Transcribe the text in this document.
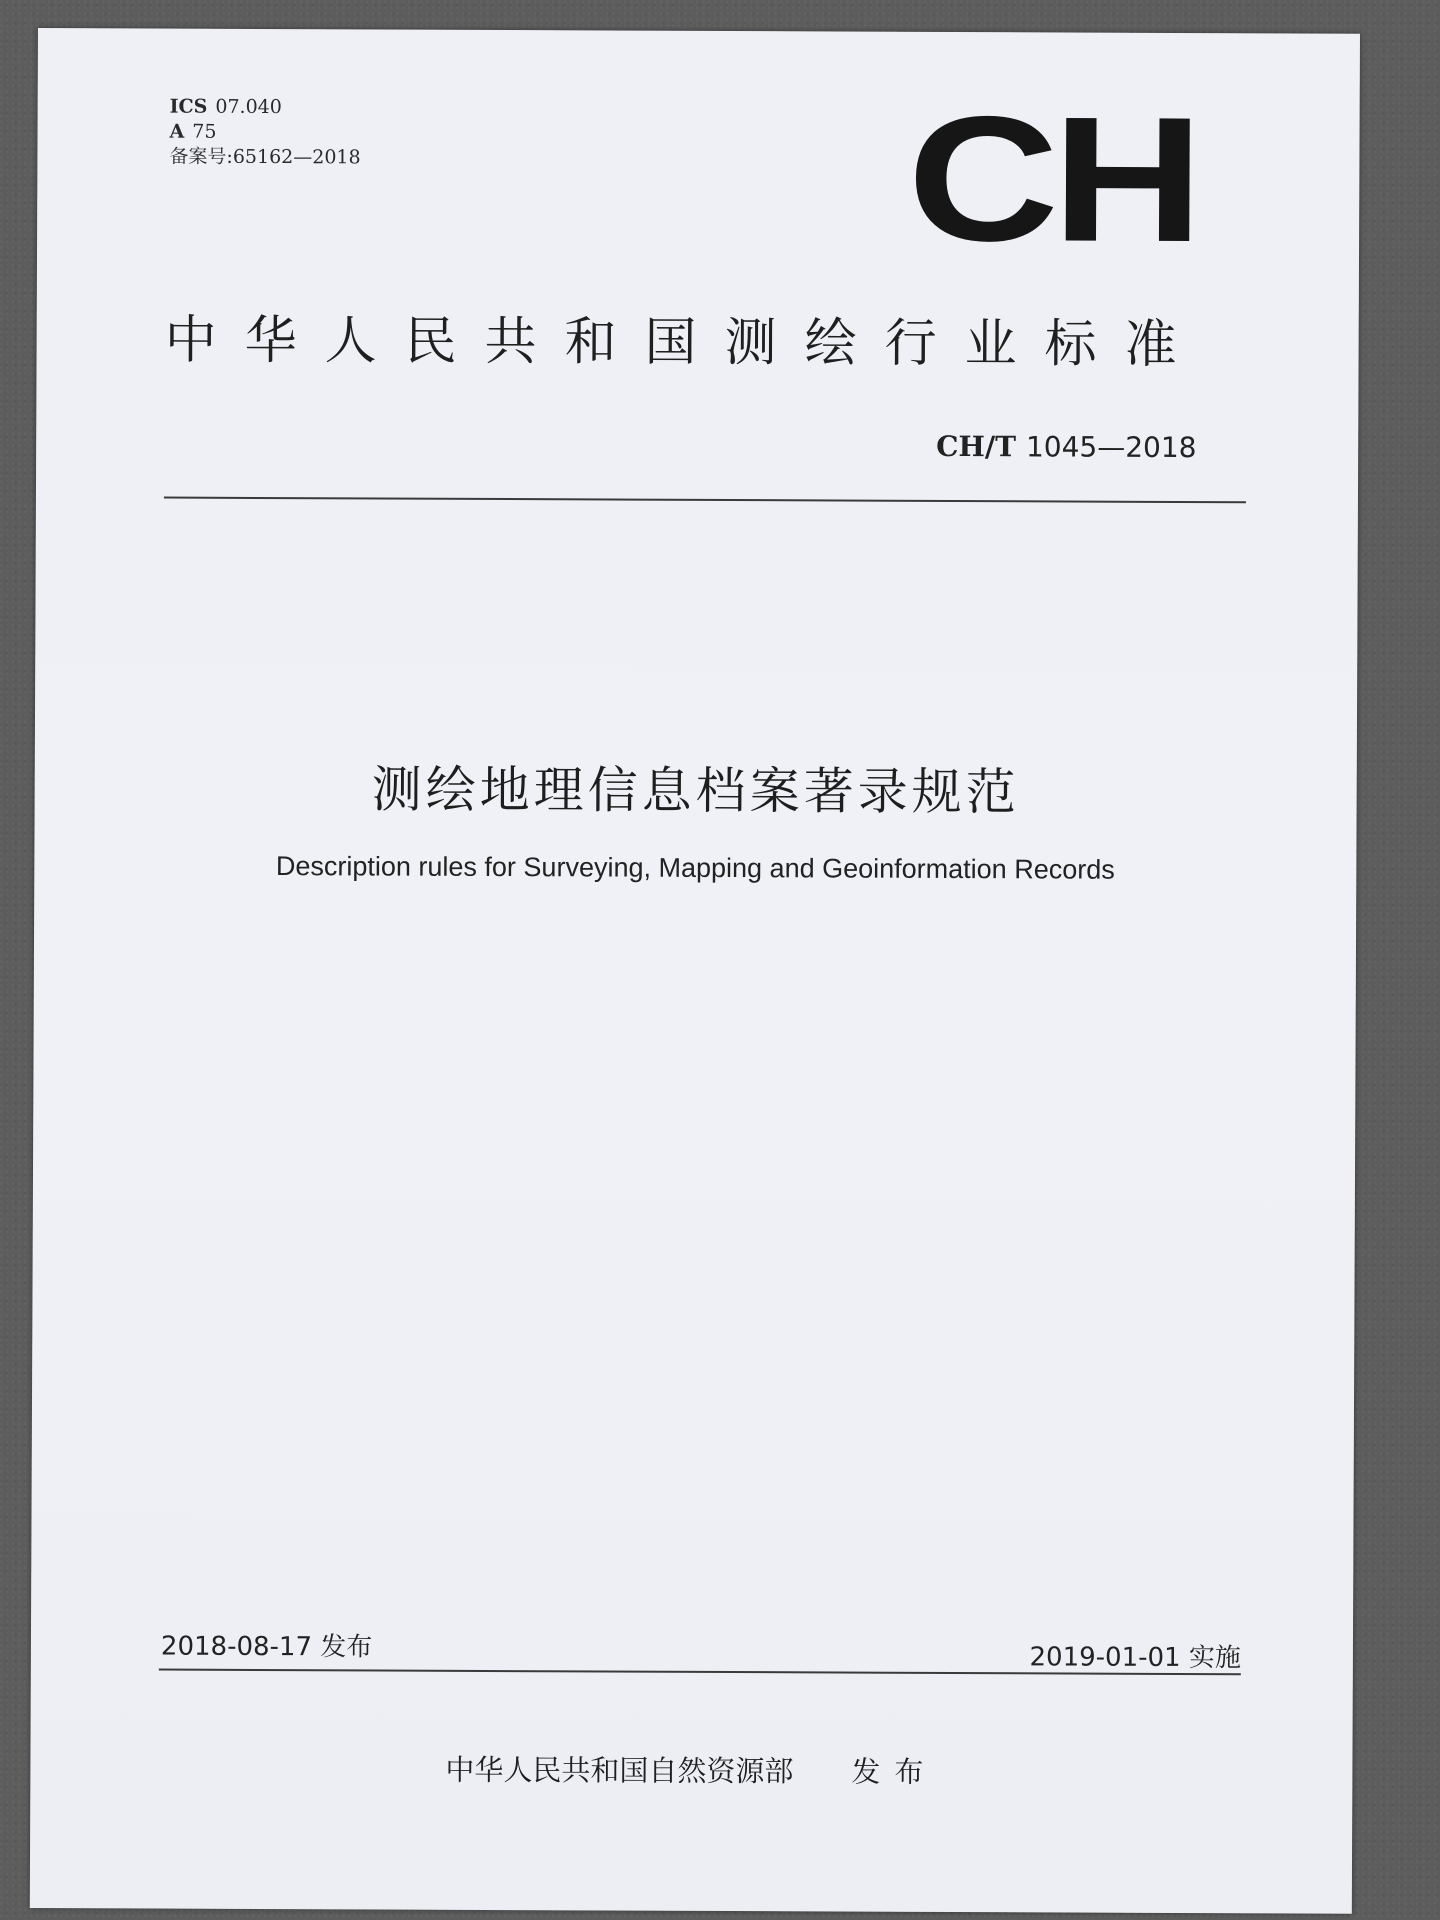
ICS 07.040
A 75
备案号:65162—2018	CH
中华人民共和国测绘行业标准
CH/T 1045—2018
测绘地理信息档案著录规范
Description rules for Surveying, Mapping and Geoinformation Records
2018-08-17 发布	2019-01-01 实施
中华人民共和国自然资源部 发布
